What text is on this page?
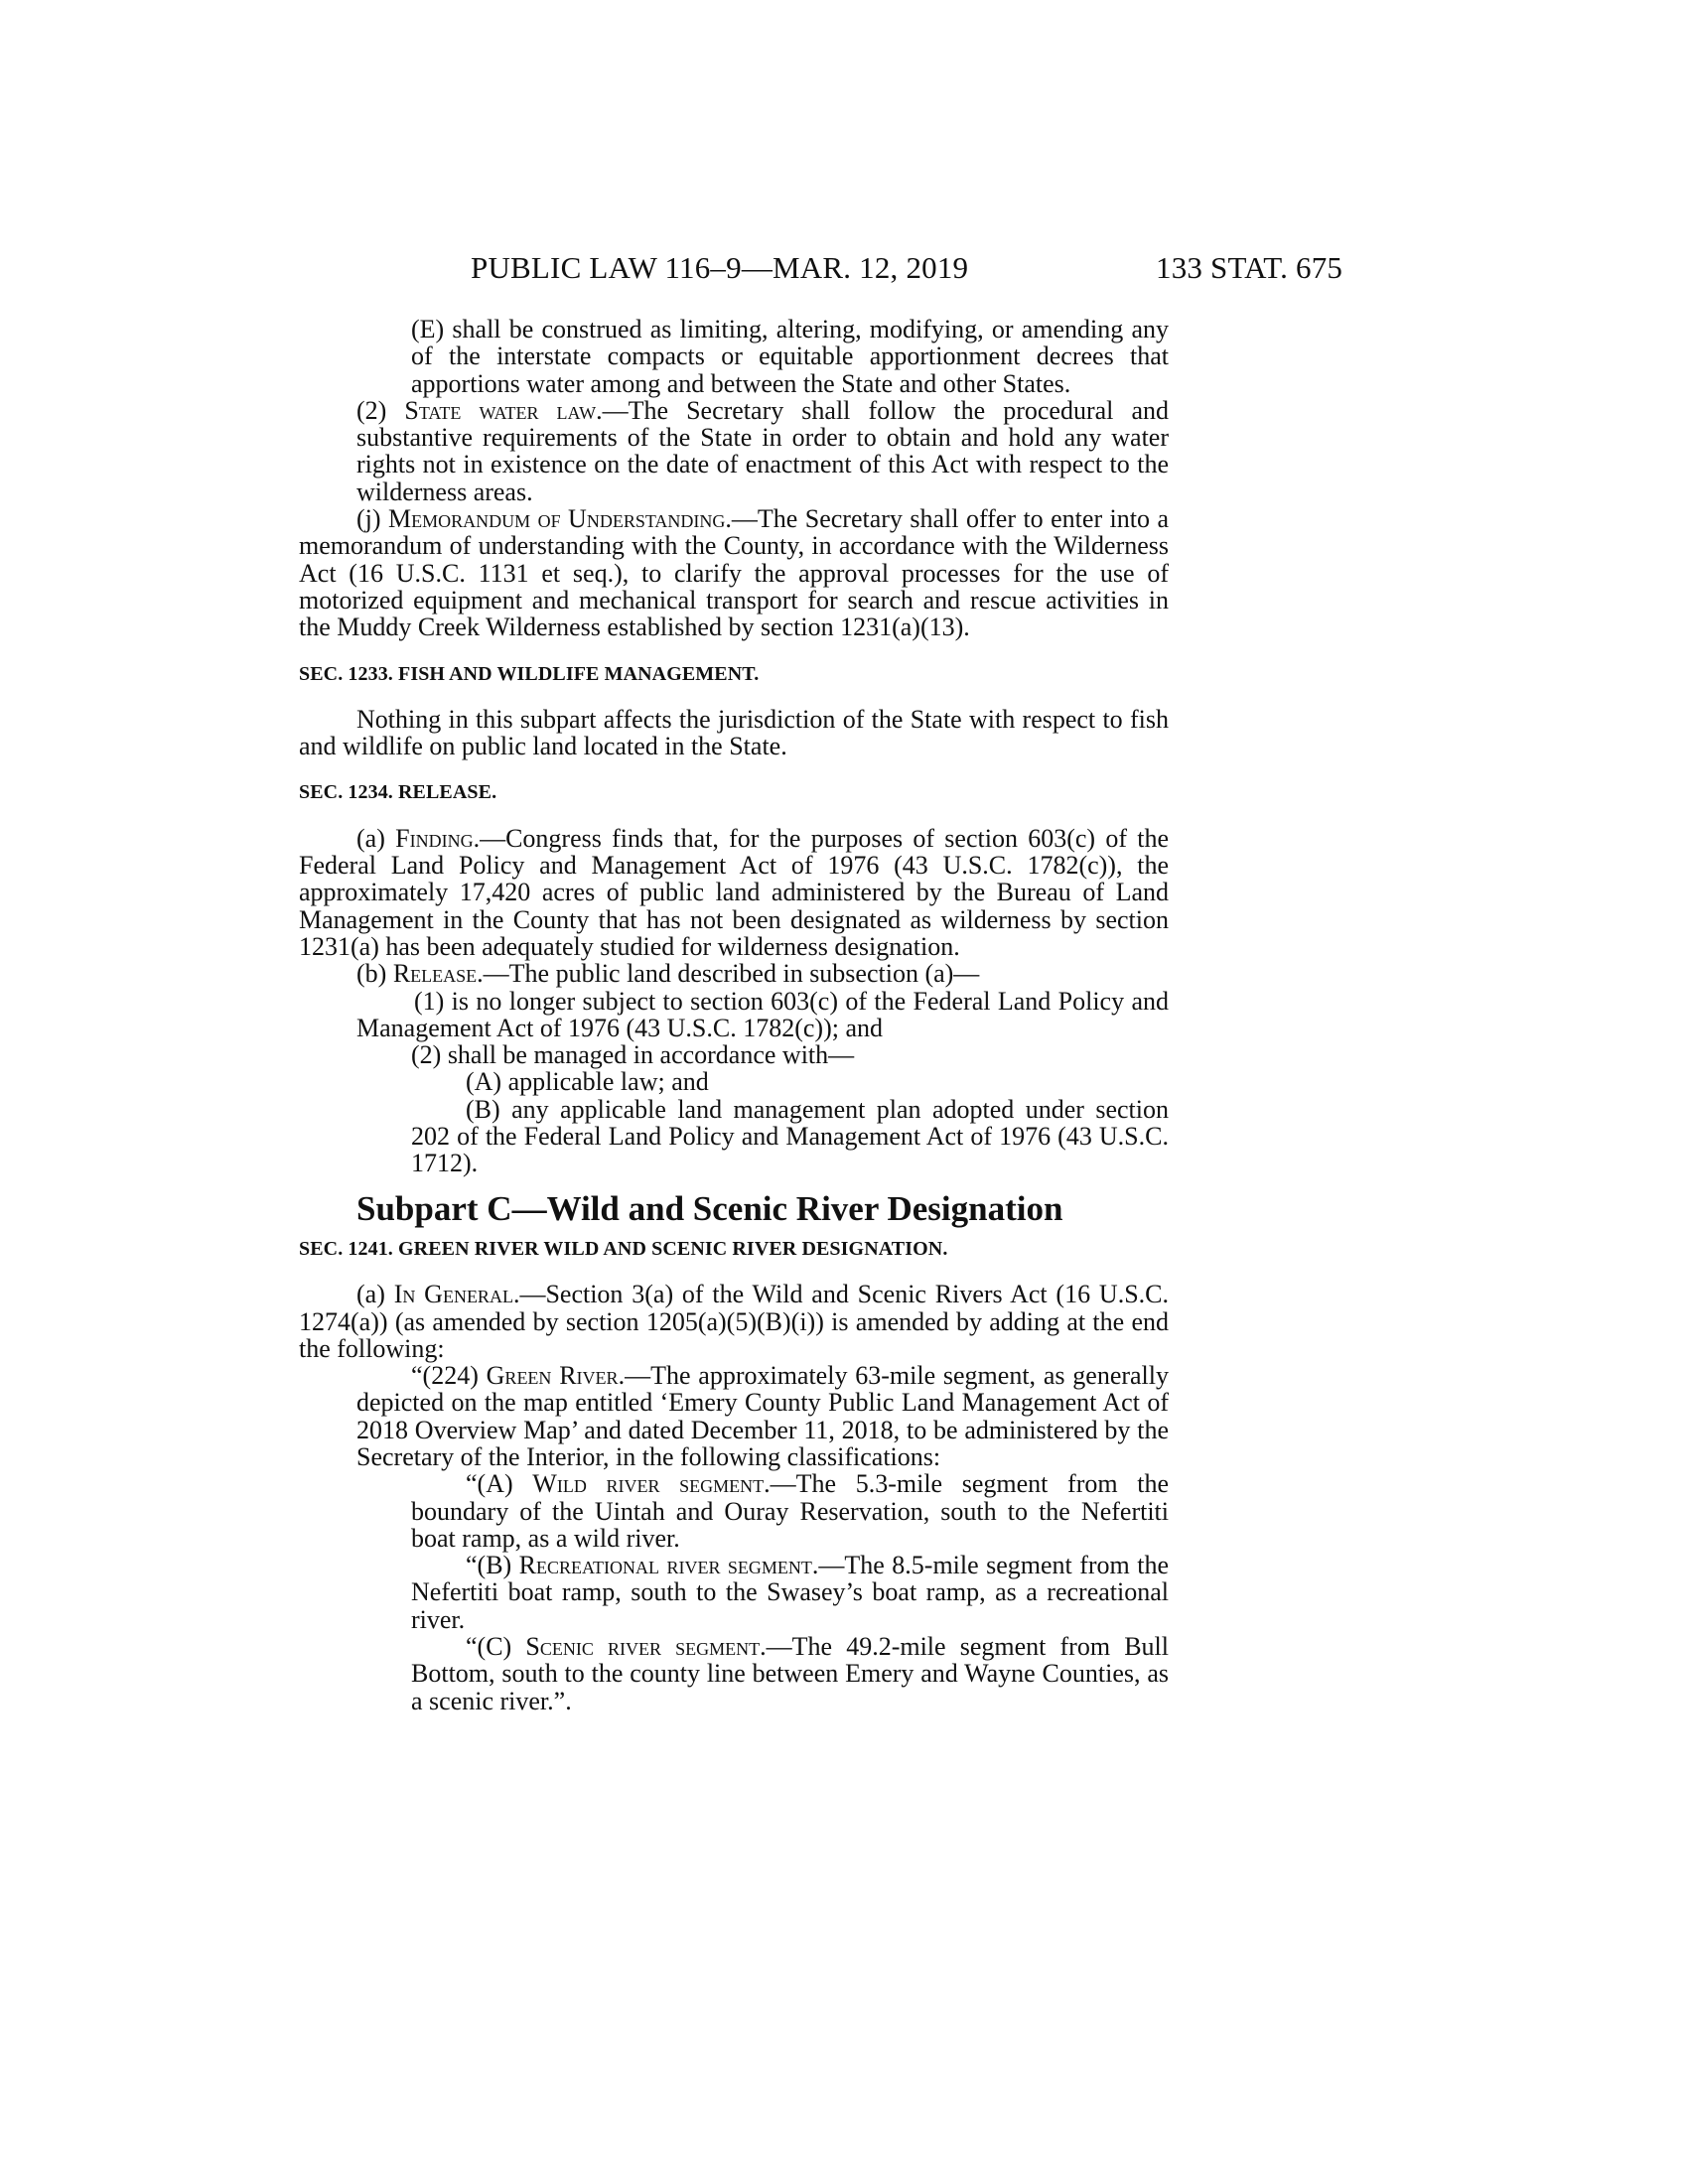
PUBLIC LAW 116–9—MAR. 12, 2019	133 STAT. 675

(E) shall be construed as limiting, altering, modifying, or amending any of the interstate compacts or equitable apportionment decrees that apportions water among and between the State and other States.

(2) State water law.—The Secretary shall follow the procedural and substantive requirements of the State in order to obtain and hold any water rights not in existence on the date of enactment of this Act with respect to the wilderness areas.

(j) Memorandum of Understanding.—The Secretary shall offer to enter into a memorandum of understanding with the County, in accordance with the Wilderness Act (16 U.S.C. 1131 et seq.), to clarify the approval processes for the use of motorized equipment and mechanical transport for search and rescue activities in the Muddy Creek Wilderness established by section 1231(a)(13).

SEC. 1233. FISH AND WILDLIFE MANAGEMENT.

Nothing in this subpart affects the jurisdiction of the State with respect to fish and wildlife on public land located in the State.

SEC. 1234. RELEASE.

(a) Finding.—Congress finds that, for the purposes of section 603(c) of the Federal Land Policy and Management Act of 1976 (43 U.S.C. 1782(c)), the approximately 17,420 acres of public land administered by the Bureau of Land Management in the County that has not been designated as wilderness by section 1231(a) has been adequately studied for wilderness designation.

(b) Release.—The public land described in subsection (a)—

(1) is no longer subject to section 603(c) of the Federal Land Policy and Management Act of 1976 (43 U.S.C. 1782(c)); and

(2) shall be managed in accordance with—

(A) applicable law; and

(B) any applicable land management plan adopted under section 202 of the Federal Land Policy and Management Act of 1976 (43 U.S.C. 1712).

Subpart C—Wild and Scenic River Designation
SEC. 1241. GREEN RIVER WILD AND SCENIC RIVER DESIGNATION.

(a) In General.—Section 3(a) of the Wild and Scenic Rivers Act (16 U.S.C. 1274(a)) (as amended by section 1205(a)(5)(B)(i)) is amended by adding at the end the following:

“(224) Green River.—The approximately 63-mile segment, as generally depicted on the map entitled ‘Emery County Public Land Management Act of 2018 Overview Map’ and dated December 11, 2018, to be administered by the Secretary of the Interior, in the following classifications:

“(A) Wild river segment.—The 5.3-mile segment from the boundary of the Uintah and Ouray Reservation, south to the Nefertiti boat ramp, as a wild river.

“(B) Recreational river segment.—The 8.5-mile segment from the Nefertiti boat ramp, south to the Swasey’s boat ramp, as a recreational river.

“(C) Scenic river segment.—The 49.2-mile segment from Bull Bottom, south to the county line between Emery and Wayne Counties, as a scenic river.”.
